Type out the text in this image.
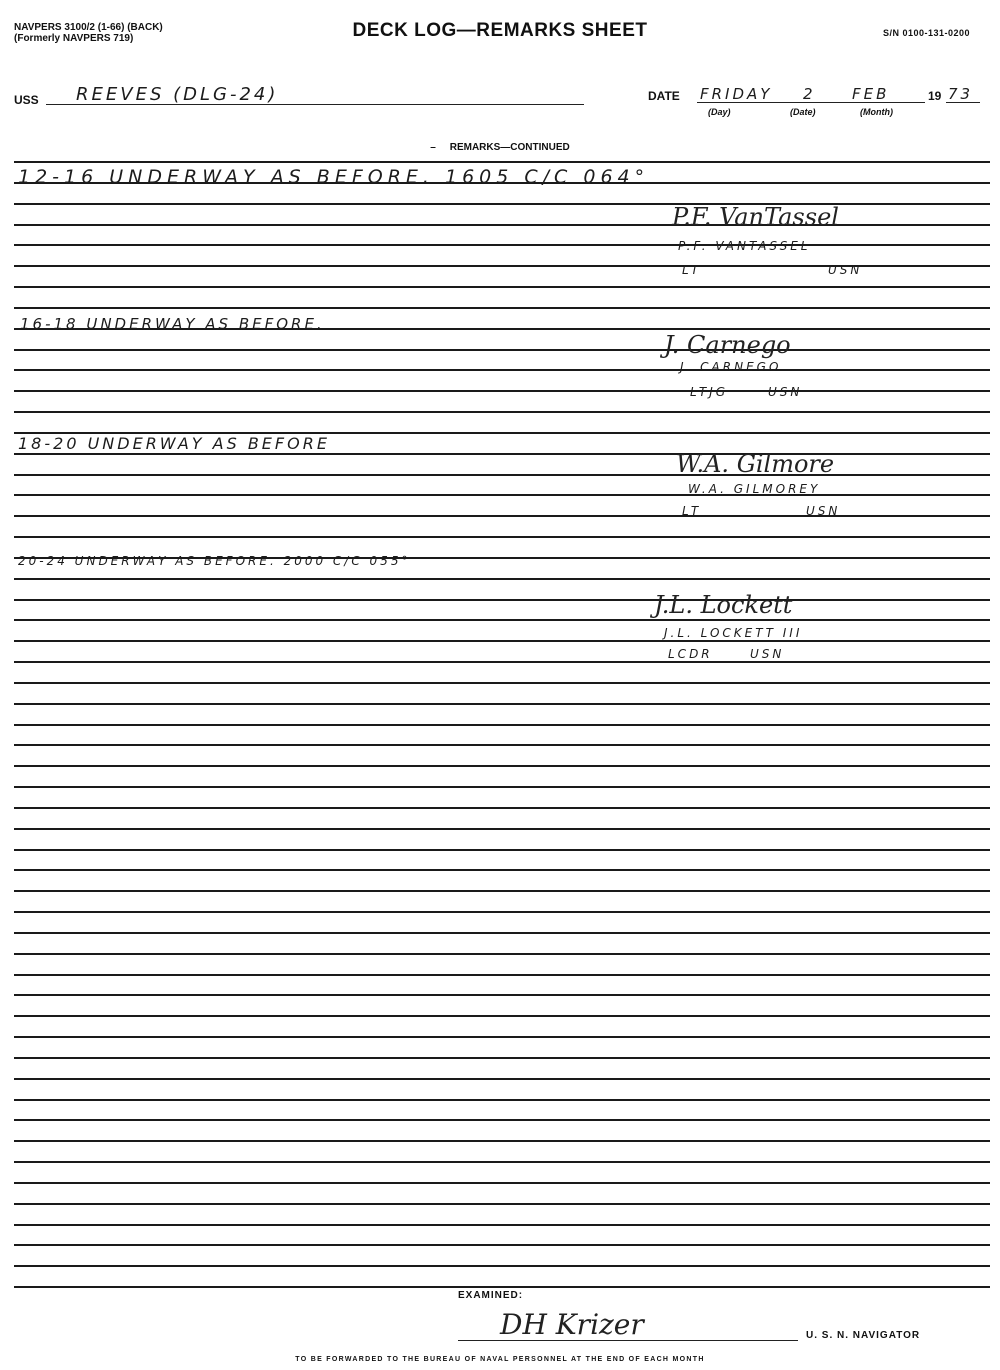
NAVPERS 3100/2 (1-66) (BACK)
(Formerly NAVPERS 719)	DECK LOG—REMARKS SHEET	S/N 0100-131-0200
USS REEVES (DLG-24)	DATE FRIDAY 2 FEB	19 73
(Day)	(Date)	(Month)
–     REMARKS—CONTINUED
12-16 UNDERWAY AS BEFORE. 1605 C/C 064°
P.F. VanTassel
P.F. VANTASSEL
LT	USN
16-18 UNDERWAY AS BEFORE.
J. Carnego
J. CARNEGO
LTJG	USN
18-20 UNDERWAY AS BEFORE
W.A. Gilmore
W.A. GILMOREY
LT	USN
20-24 UNDERWAY AS BEFORE. 2000 C/C 055°
J.L. Lockett
J.L. LOCKETT III
LCDR	USN
EXAMINED:
DH Krizer	U. S. N. NAVIGATOR
TO BE FORWARDED TO THE BUREAU OF NAVAL PERSONNEL AT THE END OF EACH MONTH
